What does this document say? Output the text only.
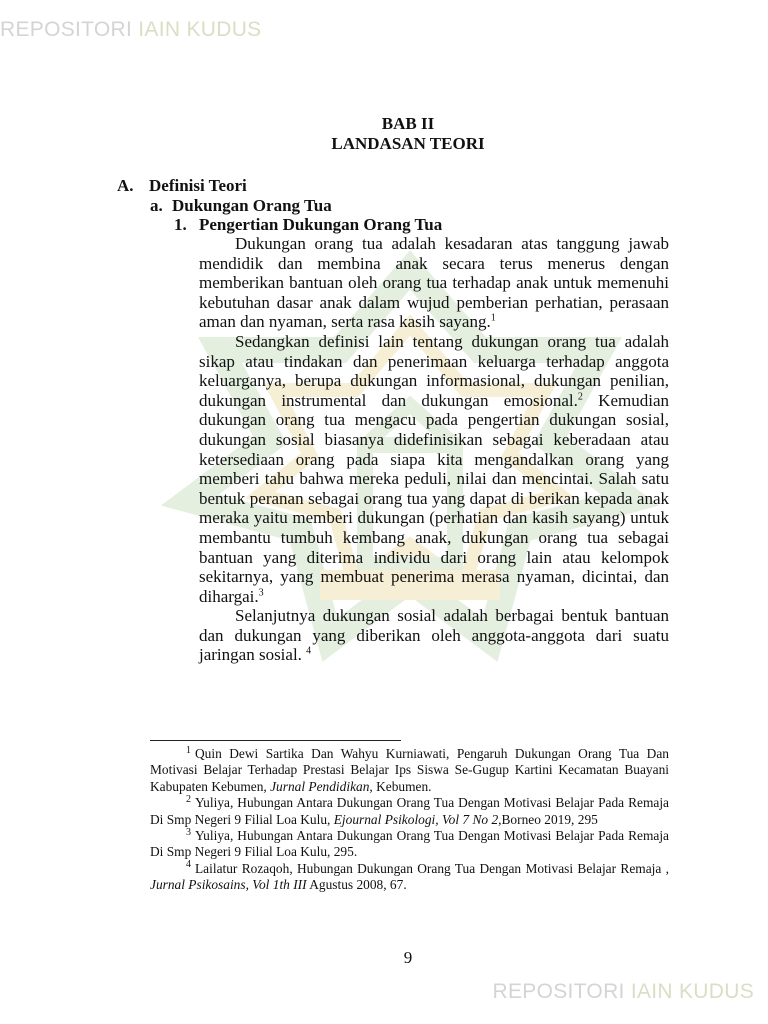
REPOSITORI IAIN KUDUS
BAB II
LANDASAN TEORI
A. Definisi Teori
a. Dukungan Orang Tua
1. Pengertian Dukungan Orang Tua

Dukungan orang tua adalah kesadaran atas tanggung jawab mendidik dan membina anak secara terus menerus dengan memberikan bantuan oleh orang tua terhadap anak untuk memenuhi kebutuhan dasar anak dalam wujud pemberian perhatian, perasaan aman dan nyaman, serta rasa kasih sayang.$^1$

Sedangkan definisi lain tentang dukungan orang tua adalah sikap atau tindakan dan penerimaan keluarga terhadap anggota keluarganya, berupa dukungan informasional, dukungan penilian, dukungan instrumental dan dukungan emosional.$^2$ Kemudian dukungan orang tua mengacu pada pengertian dukungan sosial, dukungan sosial biasanya didefinisikan sebagai keberadaan atau ketersediaan orang pada siapa kita mengandalkan orang yang memberi tahu bahwa mereka peduli, nilai dan mencintai. Salah satu bentuk peranan sebagai orang tua yang dapat di berikan kepada anak meraka yaitu memberi dukungan (perhatian dan kasih sayang) untuk membantu tumbuh kembang anak, dukungan orang tua sebagai bantuan yang diterima individu dari orang lain atau kelompok sekitarnya, yang membuat penerima merasa nyaman, dicintai, dan dihargai.$^3$

Selanjutnya dukungan sosial adalah berbagai bentuk bantuan dan dukungan yang diberikan oleh anggota-anggota dari suatu jaringan sosial. $^4$

$^1$ Quin Dewi Sartika Dan Wahyu Kurniawati, Pengaruh Dukungan Orang Tua Dan Motivasi Belajar Terhadap Prestasi Belajar Ips Siswa Se-Gugup Kartini Kecamatan Buayani Kabupaten Kebumen, Jurnal Pendidikan, Kebumen.

$^2$ Yuliya, Hubungan Antara Dukungan Orang Tua Dengan Motivasi Belajar Pada Remaja Di Smp Negeri 9 Filial Loa Kulu, Ejournal Psikologi, Vol 7 No 2,Borneo 2019, 295

$^3$ Yuliya, Hubungan Antara Dukungan Orang Tua Dengan Motivasi Belajar Pada Remaja Di Smp Negeri 9 Filial Loa Kulu, 295.

$^4$ Lailatur Rozaqoh, Hubungan Dukungan Orang Tua Dengan Motivasi Belajar Remaja , Jurnal Psikosains, Vol 1th III Agustus 2008, 67.

9
REPOSITORI IAIN KUDUS
